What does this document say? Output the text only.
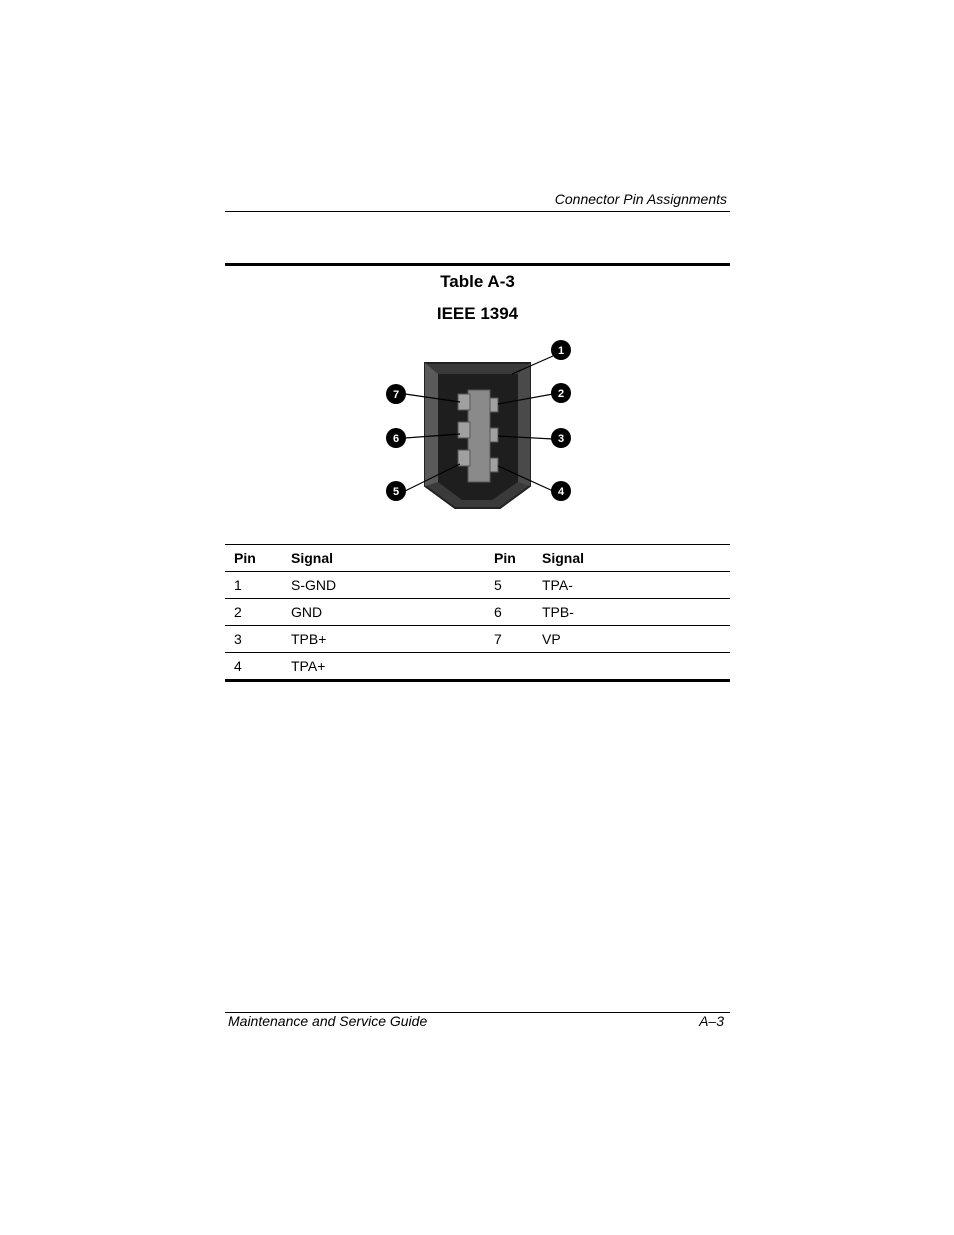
Connector Pin Assignments
Table A-3
IEEE 1394
1
2
3
4
5
6
7
Pin	Signal	Pin	Signal
1	S-GND	5	TPA-
2	GND	6	TPB-
3	TPB+	7	VP
4	TPA+		
Maintenance and Service Guide	A–3
